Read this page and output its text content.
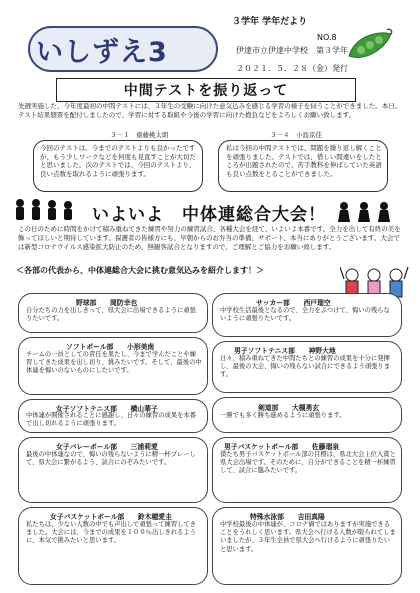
いしずえ3
３学年 学年だより
NO.8
伊達市立伊達中学校　第３学年
２０２１．５．２８（金）発行
中間テストを振り返って
先週実施した、今年度最初の中間テストには、３年生の受験に向けた意気込みを感じる学習の様子を伺うことができました。本日、テスト結果個票を配付しましたので、学習に対する取組や今後の学習に向けた抱負などをよろしくお願い致します。
３－１　齋藤桃太朗	３－４　小島京佳
今回のテストは、今までのテストよりも良かったですが、もう少しワークなどを何度も見直すことが大切だと思いました。次のテストでは、今回のテストより、良い点数を取れるように頑張ります。
私は今回の中間テストでは、問題を繰り返し解くことを頑張りました。テストでは、惜しい間違いをしたところが出題されたので、苦手教科を伸ばしていた英語も良い点数をとることができました。
いよいよ　中体連総合大会！
この日のために時間をかけて積み重ねてきた練習や努力の練習試合、各種大会を経て、いよいよ本番です。全力を出して有終の美を飾ってほしいと期待しています。保護者の皆様方にも、早朝からのお弁当の準備、サポート、本当にありがとうございます。大会では新型コロナウイルス感染拡大防止のため、無観客試合となりますので、ご理解とご協力をお願い致します。
＜各部の代表から、中体連総合大会に挑む意気込みを紹介します！＞
野球部　　岡防幸也
自分たちの力を出しきって、県大会に出場できるように頑張りたいです。
ソフトボール部　　小形美南
チームの一員としての責任を果たし、今まで学んだことや練習してきた成果を出し切り、挑みたいです。そして、最後の中体連を悔いのないものにしたいです。
女子ソフトテニス部　　横山華子
中体連が開催されることに感謝し、日々の練習の成果を本番で出し切れるように頑張ります。
女子バレーボール部　　三浦莉愛
最後の中体連なので、悔いの残らないように精一杯プレーして、県大会に繋がるよう、試合にのぞみたいです。
女子バスケットボール部　　鈴木穂愛圭
私たちは、少ない人数の中でも声出しで頑張って練習してきました。大会には、今までの成果を１００％出しきれるように、本気で挑みたいと思います。
サッカー部　　西戸瑠空
中学校生活最後となるので、全力をぶつけて、悔いの残らないように頑張りたいです。
男子ソフトテニス部　　神野大地
日々、積み重ねてきた中間たちとの練習の成果を十分に発揮し、最後の大会、悔いの残らない試合にできるよう頑張ります。
剣道部　　大槻勇玄
一勝でも多く勝ち進めるように頑張ります。
男子バスケットボール部　　佐藤瑠泉
僕たち男子バスケットボール部の目標は、県北大会上位入賞と県大会出場です。そのために、自分ができることを精一杯練習して、試合に臨みたいです。
特殊水泳部　　吉田真陽
中学校最後の中体連が、コロナ禍ではありますが実施できることをうれしく思います。県大会へ行ける人数が限られてしまいましたが、３年生全員で県大会へ行けるように頑張りたいと思います。
